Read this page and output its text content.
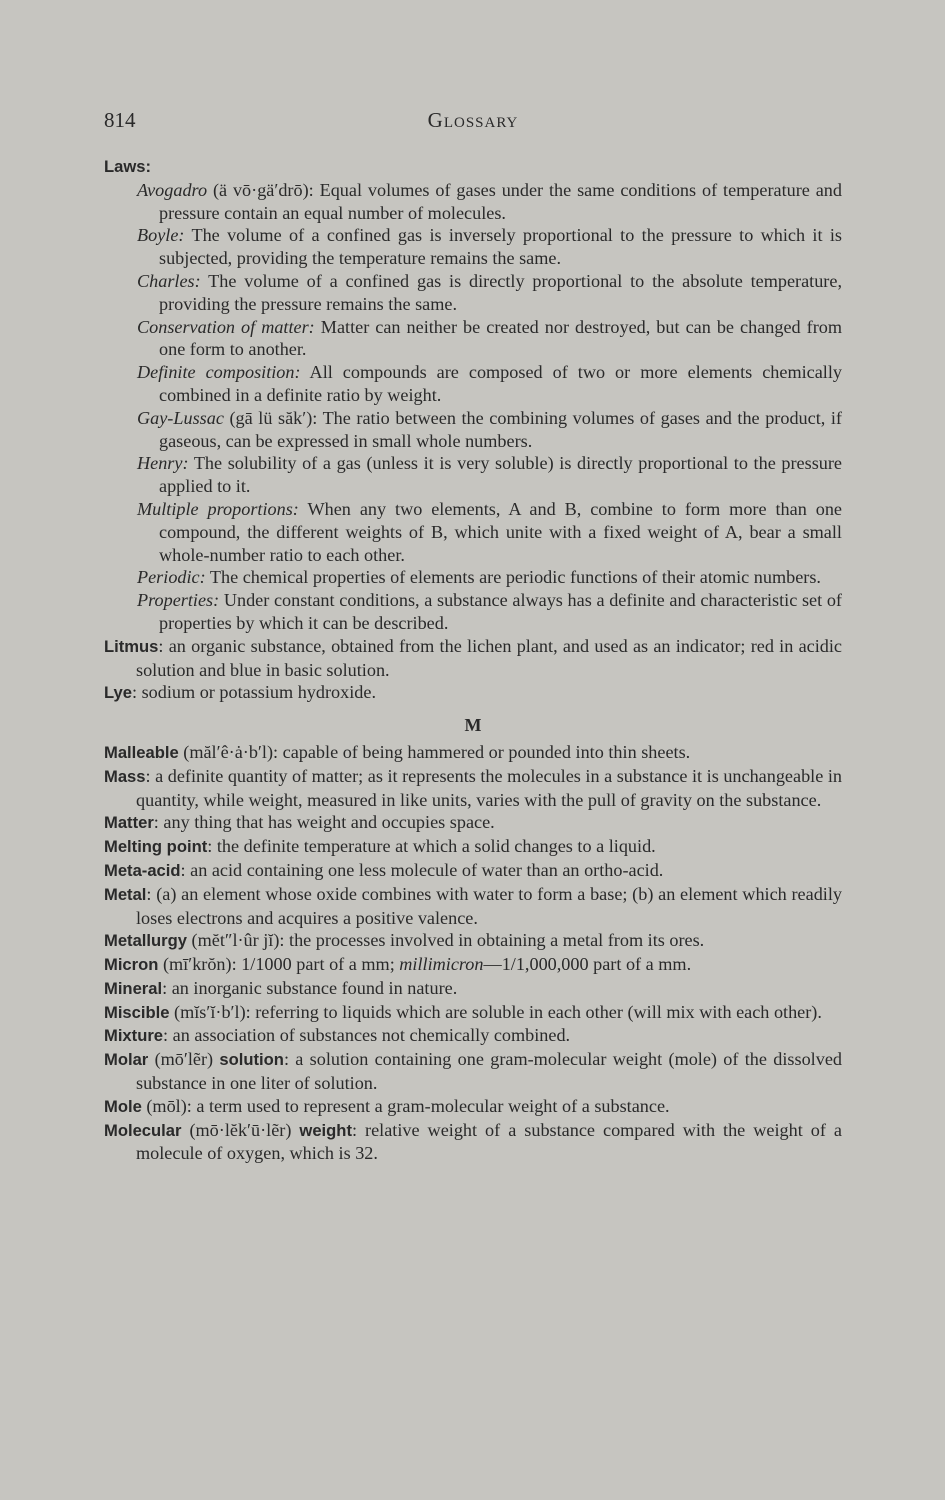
814	Glossary
Laws:
Avogadro (ä vō·gä′drō): Equal volumes of gases under the same conditions of temperature and pressure contain an equal number of molecules.
Boyle: The volume of a confined gas is inversely proportional to the pressure to which it is subjected, providing the temperature remains the same.
Charles: The volume of a confined gas is directly proportional to the absolute temperature, providing the pressure remains the same.
Conservation of matter: Matter can neither be created nor destroyed, but can be changed from one form to another.
Definite composition: All compounds are composed of two or more elements chemically combined in a definite ratio by weight.
Gay-Lussac (gā lü săk′): The ratio between the combining volumes of gases and the product, if gaseous, can be expressed in small whole numbers.
Henry: The solubility of a gas (unless it is very soluble) is directly proportional to the pressure applied to it.
Multiple proportions: When any two elements, A and B, combine to form more than one compound, the different weights of B, which unite with a fixed weight of A, bear a small whole-number ratio to each other.
Periodic: The chemical properties of elements are periodic functions of their atomic numbers.
Properties: Under constant conditions, a substance always has a definite and characteristic set of properties by which it can be described.
Litmus: an organic substance, obtained from the lichen plant, and used as an indicator; red in acidic solution and blue in basic solution.
Lye: sodium or potassium hydroxide.
M
Malleable (măl′ê·ȧ·b′l): capable of being hammered or pounded into thin sheets.
Mass: a definite quantity of matter; as it represents the molecules in a substance it is unchangeable in quantity, while weight, measured in like units, varies with the pull of gravity on the substance.
Matter: any thing that has weight and occupies space.
Melting point: the definite temperature at which a solid changes to a liquid.
Meta-acid: an acid containing one less molecule of water than an ortho-acid.
Metal: (a) an element whose oxide combines with water to form a base; (b) an element which readily loses electrons and acquires a positive valence.
Metallurgy (mĕt″l·ûr jĭ): the processes involved in obtaining a metal from its ores.
Micron (mī′krŏn): 1/1000 part of a mm; millimicron—1/1,000,000 part of a mm.
Mineral: an inorganic substance found in nature.
Miscible (mĭs′ĭ·b′l): referring to liquids which are soluble in each other (will mix with each other).
Mixture: an association of substances not chemically combined.
Molar (mō′lẽr) solution: a solution containing one gram-molecular weight (mole) of the dissolved substance in one liter of solution.
Mole (mōl): a term used to represent a gram-molecular weight of a substance.
Molecular (mō·lĕk′ū·lẽr) weight: relative weight of a substance compared with the weight of a molecule of oxygen, which is 32.
